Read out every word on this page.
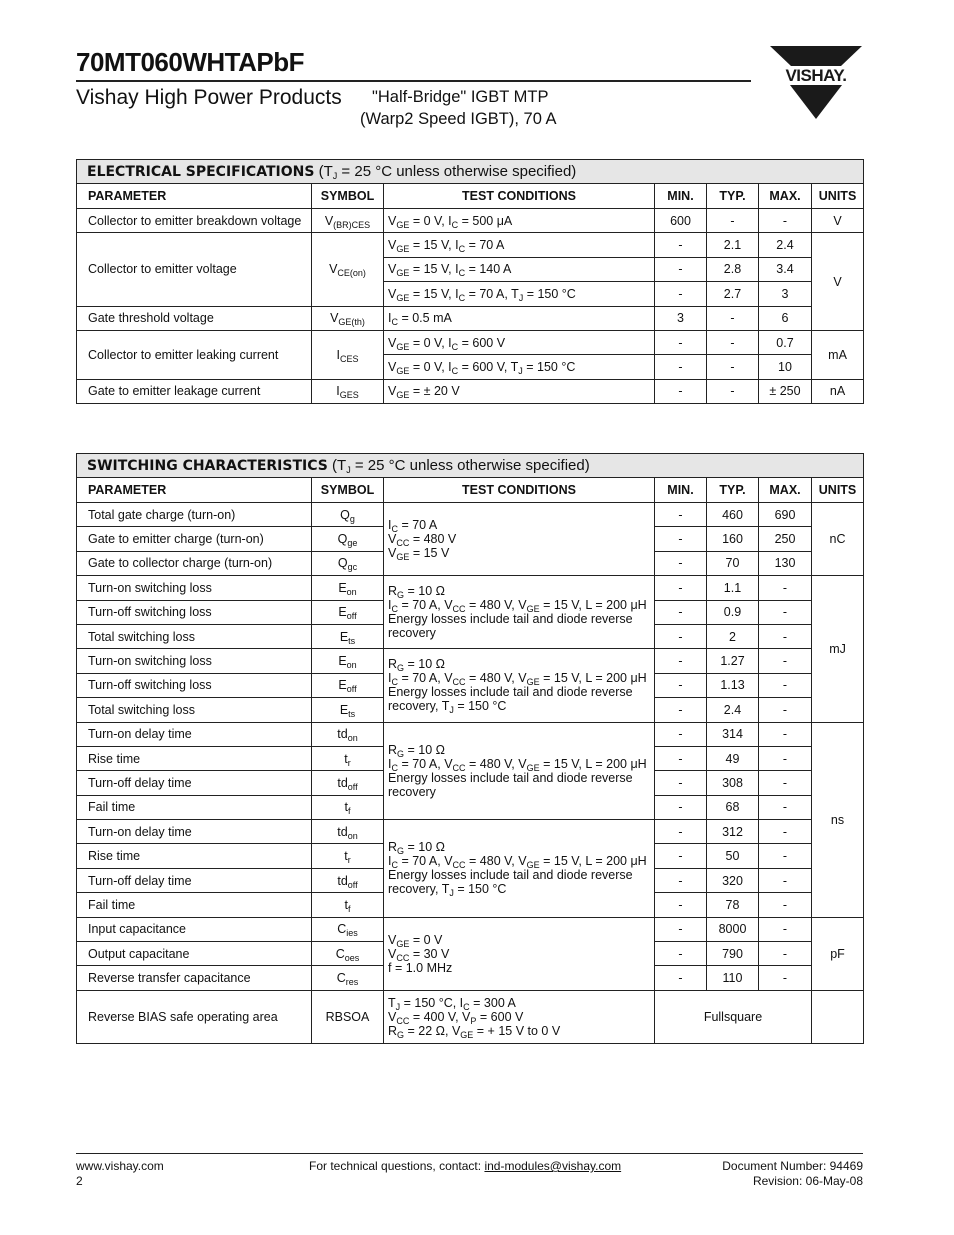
70MT060WHTAPbF
Vishay High Power Products	"Half-Bridge" IGBT MTP
(Warp2 Speed IGBT), 70 A
VISHAY.
ELECTRICAL SPECIFICATIONS ($T_J = 25$ °C unless otherwise specified)						
PARAMETER	SYMBOL	TEST CONDITIONS	MIN.	TYP.	MAX.	UNITS
Collector to emitter breakdown voltage	$V_{(BR)CES}$	$V_{GE} = 0$ V, $I_C = 500$ μA	600	-	-	V
Collector to emitter voltage	$V_{CE(on)}$	$V_{GE} = 15$ V, $I_C = 70$ A	-	2.1	2.4	V
		$V_{GE} = 15$ V, $I_C = 140$ A	-	2.8	3.4	
		$V_{GE} = 15$ V, $I_C = 70$ A, $T_J = 150$ °C	-	2.7	3	
Gate threshold voltage	$V_{GE(th)}$	$I_C = 0.5$ mA	3	-	6	
Collector to emitter leaking current	$I_{CES}$	$V_{GE} = 0$ V, $I_C = 600$ V	-	-	0.7	mA
		$V_{GE} = 0$ V, $I_C = 600$ V, $T_J = 150$ °C	-	-	10	
Gate to emitter leakage current	$I_{GES}$	$V_{GE}$ = ± 20 V	-	-	± 250	nA
SWITCHING CHARACTERISTICS ($T_J = 25$ °C unless otherwise specified)						
PARAMETER	SYMBOL	TEST CONDITIONS	MIN.	TYP.	MAX.	UNITS
Total gate charge (turn-on)	$Q_g$	$I_C = 70$ A
$V_{CC} = 480$ V
$V_{GE} = 15$ V	-	460	690	nC
Gate to emitter charge (turn-on)	$Q_{ge}$		-	160	250	
Gate to collector charge (turn-on)	$Q_{gc}$		-	70	130	
Turn-on switching loss	$E_{on}$	$R_G = 10$ Ω
$I_C = 70$ A, $V_{CC} = 480$ V, $V_{GE} = 15$ V, L = 200 μH
Energy losses include tail and diode reverse recovery	-	1.1	-	mJ
Turn-off switching loss	$E_{off}$		-	0.9	-	
Total switching loss	$E_{ts}$		-	2	-	
Turn-on switching loss	$E_{on}$	$R_G = 10$ Ω
$I_C = 70$ A, $V_{CC} = 480$ V, $V_{GE} = 15$ V, L = 200 μH
Energy losses include tail and diode reverse recovery, $T_J = 150$ °C	-	1.27	-	
Turn-off switching loss	$E_{off}$		-	1.13	-	
Total switching loss	$E_{ts}$		-	2.4	-	
Turn-on delay time	$td_{on}$	$R_G = 10$ Ω
$I_C = 70$ A, $V_{CC} = 480$ V, $V_{GE} = 15$ V, L = 200 μH
Energy losses include tail and diode reverse recovery	-	314	-	ns
Rise time	$t_r$		-	49	-	
Turn-off delay time	$td_{off}$		-	308	-	
Fail time	$t_f$		-	68	-	
Turn-on delay time	$td_{on}$	$R_G = 10$ Ω
$I_C = 70$ A, $V_{CC} = 480$ V, $V_{GE} = 15$ V, L = 200 μH
Energy losses include tail and diode reverse recovery, $T_J = 150$ °C	-	312	-	
Rise time	$t_r$		-	50	-	
Turn-off delay time	$td_{off}$		-	320	-	
Fail time	$t_f$		-	78	-	
Input capacitance	$C_{ies}$	$V_{GE} = 0$ V
$V_{CC} = 30$ V
f = 1.0 MHz	-	8000	-	pF
Output capacitane	$C_{oes}$		-	790	-	
Reverse transfer capacitance	$C_{res}$		-	110	-	
Reverse BIAS safe operating area	RBSOA	$T_J = 150$ °C, $I_C = 300$ A
$V_{CC} = 400$ V, $V_P = 600$ V
$R_G = 22$ Ω, $V_{GE}$ = + 15 V to 0 V	Fullsquare			
www.vishay.com
2
For technical questions, contact: ind-modules@vishay.com	Document Number: 94469
Revision: 06-May-08
